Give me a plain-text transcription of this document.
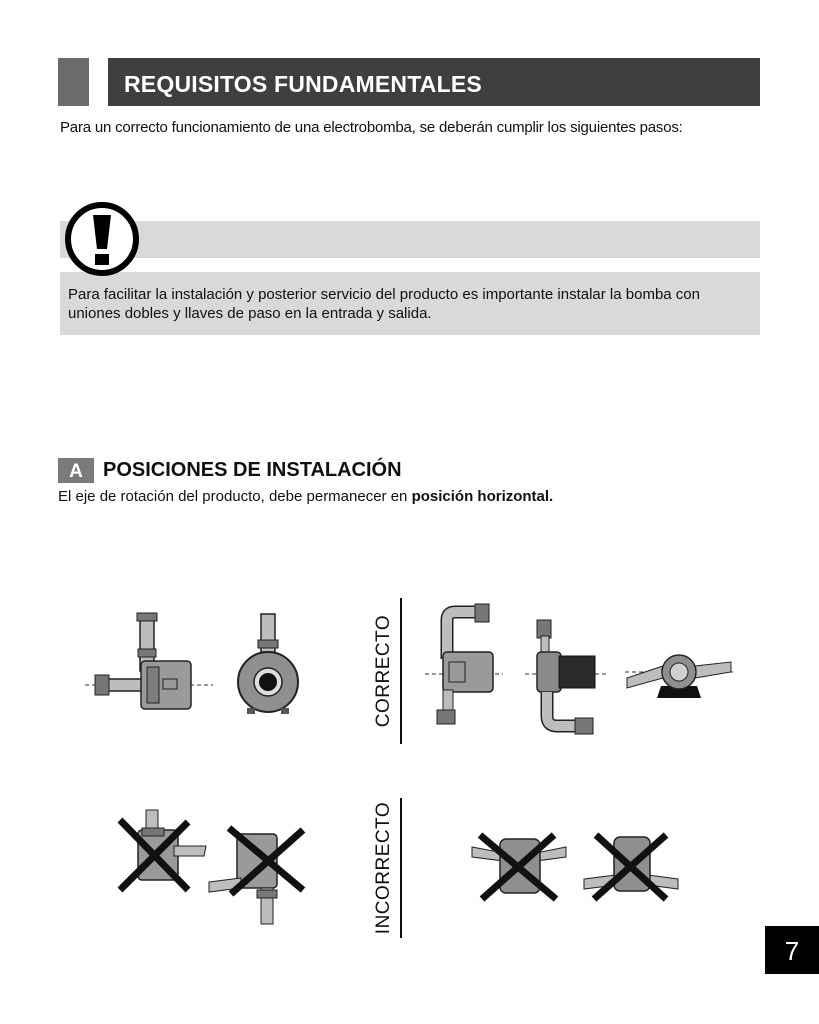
REQUISITOS FUNDAMENTALES
Para un correcto funcionamiento de una electrobomba, se deberán cumplir los siguientes pasos:
Para facilitar la instalación y posterior servicio del producto es importante instalar la bomba con uniones dobles y llaves de paso en la entrada y salida.
A	POSICIONES DE INSTALACIÓN
El eje de rotación del producto, debe permanecer en posición horizontal.
CORRECTO
INCORRECTO
7
